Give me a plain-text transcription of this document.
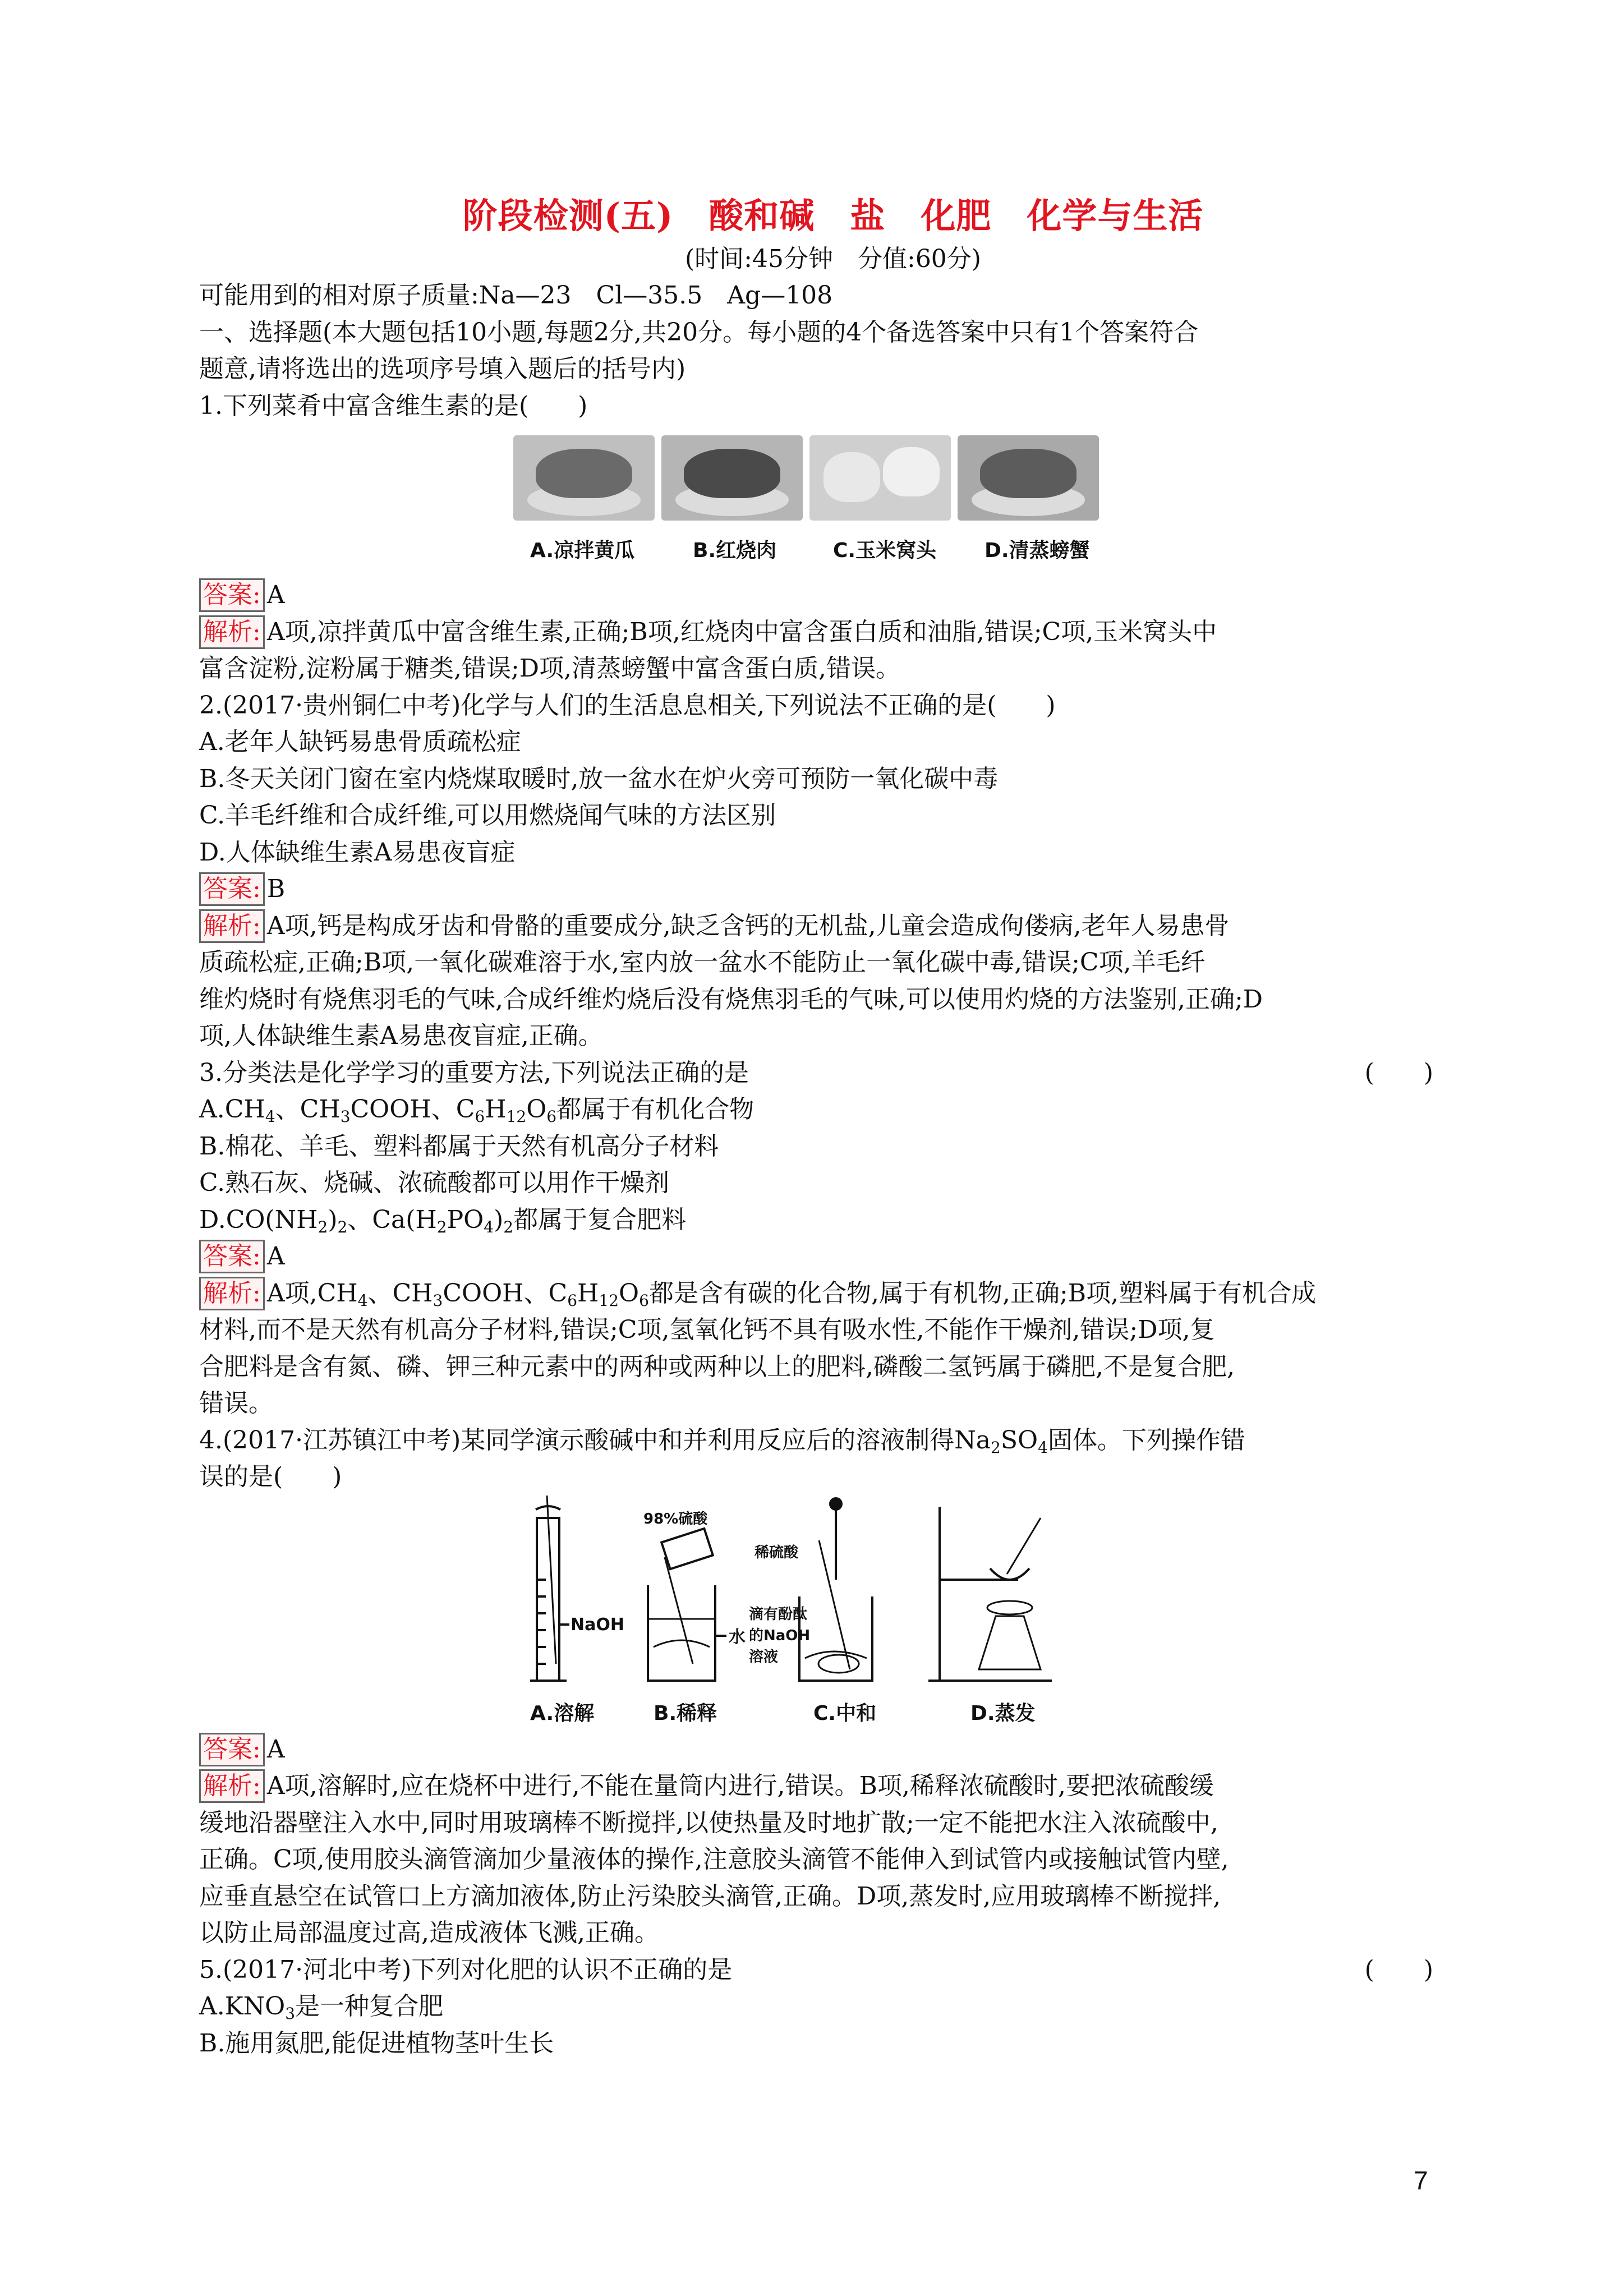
阶段检测(五)　酸和碱　盐　化肥　化学与生活
(时间:45分钟　分值:60分)
可能用到的相对原子质量:Na—23　Cl—35.5　Ag—108
一、选择题(本大题包括10小题,每题2分,共20分。每小题的4个备选答案中只有1个答案符合
题意,请将选出的选项序号填入题后的括号内)
1.下列菜肴中富含维生素的是(　　)
A.凉拌黄瓜	B.红烧肉	C.玉米窝头	D.清蒸螃蟹
答案: A
解析: A项,凉拌黄瓜中富含维生素,正确;B项,红烧肉中富含蛋白质和油脂,错误;C项,玉米窝头中
富含淀粉,淀粉属于糖类,错误;D项,清蒸螃蟹中富含蛋白质,错误。
2.(2017·贵州铜仁中考)化学与人们的生活息息相关,下列说法不正确的是(　　)
A.老年人缺钙易患骨质疏松症
B.冬天关闭门窗在室内烧煤取暖时,放一盆水在炉火旁可预防一氧化碳中毒
C.羊毛纤维和合成纤维,可以用燃烧闻气味的方法区别
D.人体缺维生素A易患夜盲症
答案: B
解析: A项,钙是构成牙齿和骨骼的重要成分,缺乏含钙的无机盐,儿童会造成佝偻病,老年人易患骨
质疏松症,正确;B项,一氧化碳难溶于水,室内放一盆水不能防止一氧化碳中毒,错误;C项,羊毛纤
维灼烧时有烧焦羽毛的气味,合成纤维灼烧后没有烧焦羽毛的气味,可以使用灼烧的方法鉴别,正确;D
项,人体缺维生素A易患夜盲症,正确。
3.分类法是化学学习的重要方法,下列说法正确的是	(　　)
$A.CH_4$、$CH_3COOH$、$C_6H_{12}O_6$都属于有机化合物
B.棉花、羊毛、塑料都属于天然有机高分子材料
C.熟石灰、烧碱、浓硫酸都可以用作干燥剂
$D.CO(NH_2)_2$、$Ca(H_2PO_4)_2$都属于复合肥料
答案: A
解析: A项$,CH_4$、$CH_3COOH$、$C_6H_{12}O_6$都是含有碳的化合物,属于有机物,正确;B项,塑料属于有机合成
材料,而不是天然有机高分子材料,错误;C项,氢氧化钙不具有吸水性,不能作干燥剂,错误;D项,复
合肥料是含有氮、磷、钾三种元素中的两种或两种以上的肥料,磷酸二氢钙属于磷肥,不是复合肥,
错误。
4.(2017·江苏镇江中考)某同学演示酸碱中和并利用反应后的溶液制得$Na_2SO_4$固体。下列操作错
误的是(　　)
NaOH
98%硫酸
水
稀硫酸
滴有酚酞
的NaOH
溶液
A.溶解	B.稀释	C.中和	D.蒸发
答案: A
解析: A项,溶解时,应在烧杯中进行,不能在量筒内进行,错误。B项,稀释浓硫酸时,要把浓硫酸缓
缓地沿器壁注入水中,同时用玻璃棒不断搅拌,以使热量及时地扩散;一定不能把水注入浓硫酸中,
正确。C项,使用胶头滴管滴加少量液体的操作,注意胶头滴管不能伸入到试管内或接触试管内壁,
应垂直悬空在试管口上方滴加液体,防止污染胶头滴管,正确。D项,蒸发时,应用玻璃棒不断搅拌,
以防止局部温度过高,造成液体飞溅,正确。
5.(2017·河北中考)下列对化肥的认识不正确的是	(　　)
$A.KNO_3$是一种复合肥
B.施用氮肥,能促进植物茎叶生长
7
